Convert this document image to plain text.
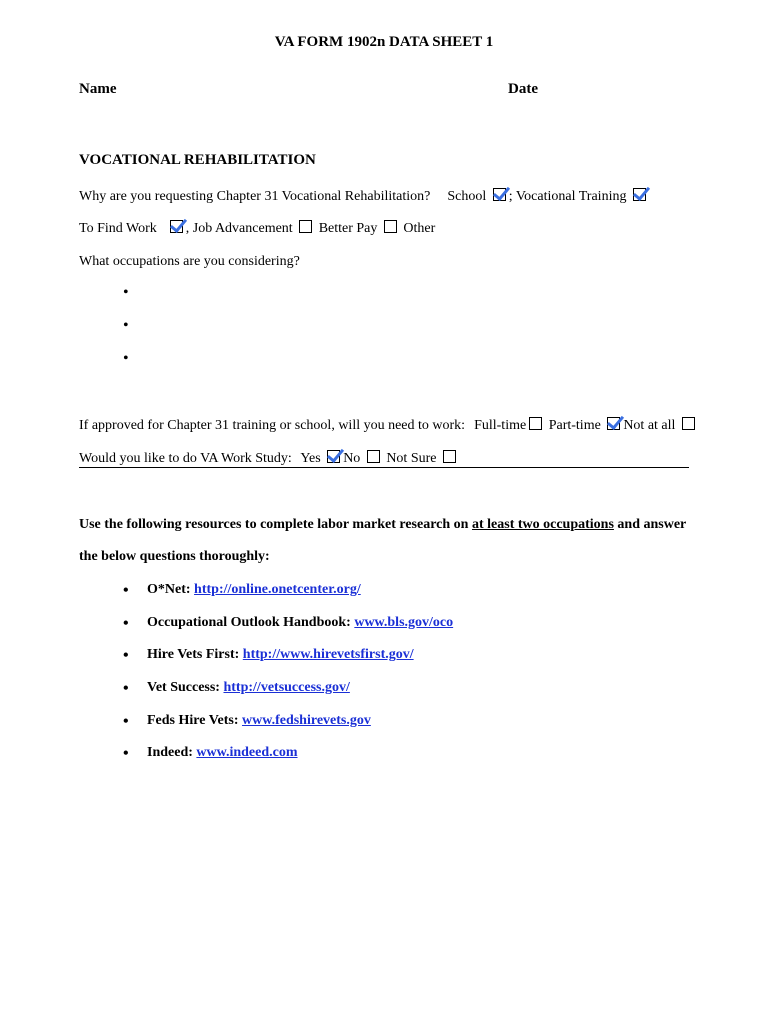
VA FORM 1902n DATA SHEET 1
Name	Date
VOCATIONAL REHABILITATION
Why are you requesting Chapter 31 Vocational Rehabilitation? School ; Vocational Training
To Find Work , Job Advancement Better Pay Other
What occupations are you considering?
•
•
•
If approved for Chapter 31 training or school, will you need to work: Full-time Part-time Not at all
Would you like to do VA Work Study: Yes No Not Sure
Use the following resources to complete labor market research on at least two occupations and answer
the below questions thoroughly:
• O*Net: http://online.onetcenter.org/
• Occupational Outlook Handbook: www.bls.gov/oco
• Hire Vets First: http://www.hirevetsfirst.gov/
• Vet Success: http://vetsuccess.gov/
• Feds Hire Vets: www.fedshirevets.gov
• Indeed: www.indeed.com
